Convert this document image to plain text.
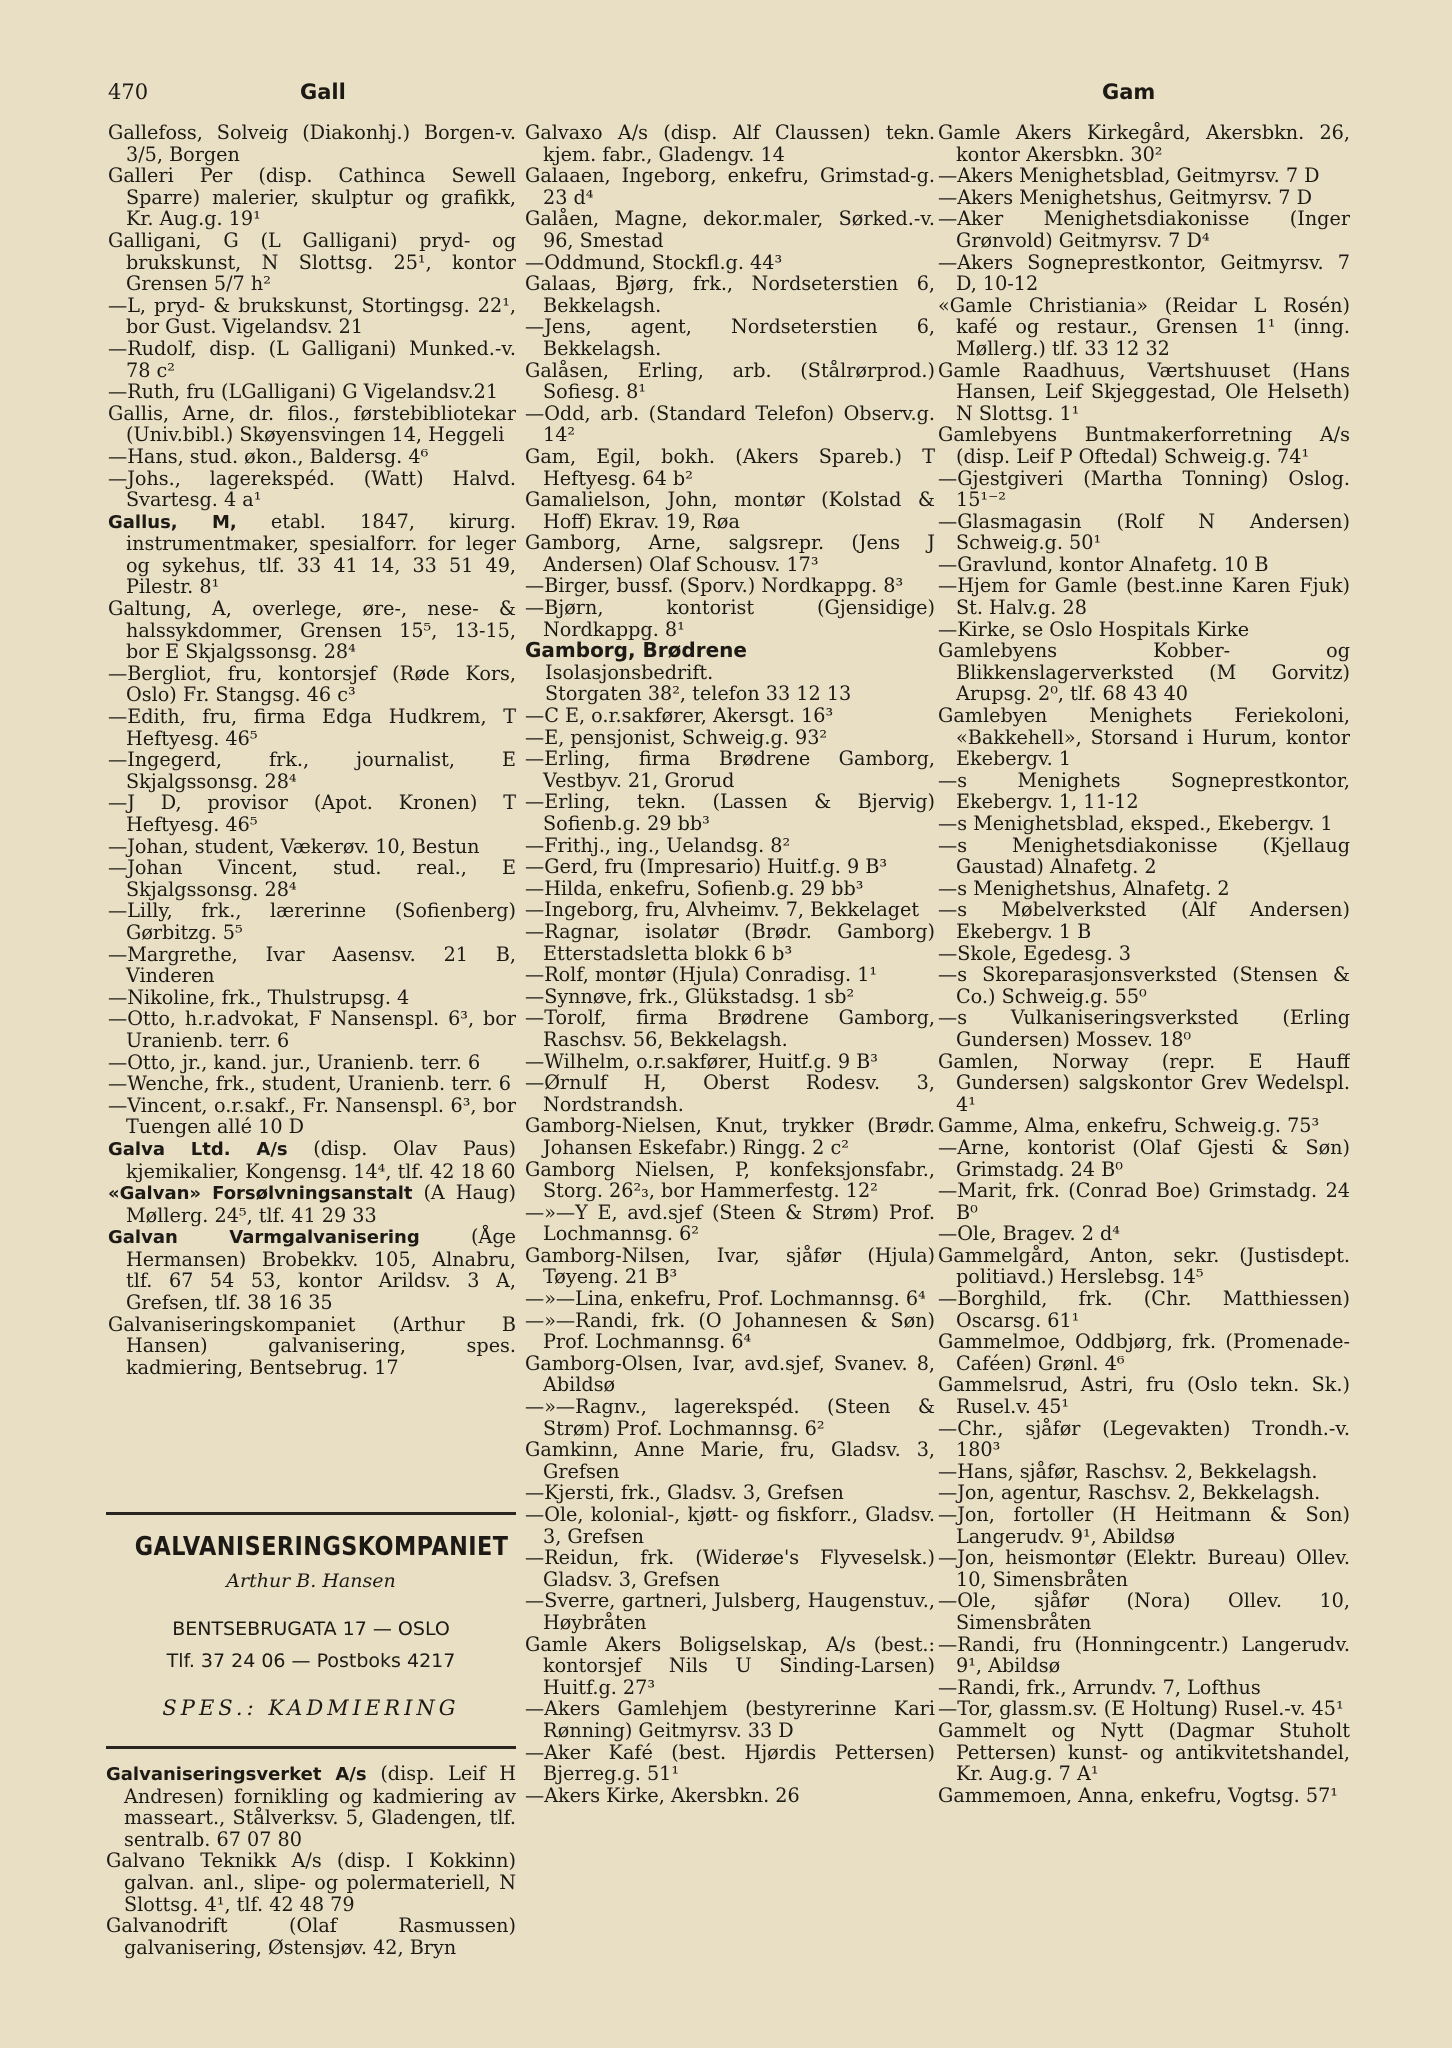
470	Gall	Gam

Gallefoss, Solveig (Diakonhj.) Borgen-v. 3/5, Borgen

Galleri Per (disp. Cathinca Sewell Sparre) malerier, skulptur og grafikk, Kr. Aug.g. 19¹

Galligani, G (L Galligani) pryd- og brukskunst, N Slottsg. 25¹, kontor Grensen 5/7 h²

—L, pryd- & brukskunst, Stortingsg. 22¹, bor Gust. Vigelandsv. 21

—Rudolf, disp. (L Galligani) Munked.-v. 78 c²

—Ruth, fru (LGalligani) G Vigelandsv.21

Gallis, Arne, dr. filos., førstebibliotekar (Univ.bibl.) Skøyensvingen 14, Heggeli

—Hans, stud. økon., Baldersg. 4⁶

—Johs., lagerekspéd. (Watt) Halvd. Svartesg. 4 a¹

Gallus, M, etabl. 1847, kirurg. instrumentmaker, spesialforr. for leger og sykehus, tlf. 33 41 14, 33 51 49, Pilestr. 8¹

Galtung, A, overlege, øre-, nese- & halssykdommer, Grensen 15⁵, 13-15, bor E Skjalgssonsg. 28⁴

—Bergliot, fru, kontorsjef (Røde Kors, Oslo) Fr. Stangsg. 46 c³

—Edith, fru, firma Edga Hudkrem, T Heftyesg. 46⁵

—Ingegerd, frk., journalist, E Skjalgssonsg. 28⁴

—J D, provisor (Apot. Kronen) T Heftyesg. 46⁵

—Johan, student, Vækerøv. 10, Bestun

—Johan Vincent, stud. real., E Skjalgssonsg. 28⁴

—Lilly, frk., lærerinne (Sofienberg) Gørbitzg. 5⁵

—Margrethe, Ivar Aasensv. 21 B, Vinderen

—Nikoline, frk., Thulstrupsg. 4

—Otto, h.r.advokat, F Nansenspl. 6³, bor Uranienb. terr. 6

—Otto, jr., kand. jur., Uranienb. terr. 6

—Wenche, frk., student, Uranienb. terr. 6

—Vincent, o.r.sakf., Fr. Nansenspl. 6³, bor Tuengen allé 10 D

Galva Ltd. A/s (disp. Olav Paus) kjemikalier, Kongensg. 14⁴, tlf. 42 18 60

«Galvan» Forsølvningsanstalt (A Haug) Møllerg. 24⁵, tlf. 41 29 33

Galvan Varmgalvanisering (Åge Hermansen) Brobekkv. 105, Alnabru, tlf. 67 54 53, kontor Arildsv. 3 A, Grefsen, tlf. 38 16 35

Galvaniseringskompaniet (Arthur B Hansen) galvanisering, spes. kadmiering, Bentsebrug. 17

Galvaxo A/s (disp. Alf Claussen) tekn. kjem. fabr., Gladengv. 14

Galaaen, Ingeborg, enkefru, Grimstad-g. 23 d⁴

Galåen, Magne, dekor.maler, Sørked.-v. 96, Smestad

—Oddmund, Stockfl.g. 44³

Galaas, Bjørg, frk., Nordseterstien 6, Bekkelagsh.

—Jens, agent, Nordseterstien 6, Bekkelagsh.

Galåsen, Erling, arb. (Stålrørprod.) Sofiesg. 8¹

—Odd, arb. (Standard Telefon) Observ.g. 14²

Gam, Egil, bokh. (Akers Spareb.) T Heftyesg. 64 b²

Gamalielson, John, montør (Kolstad & Hoff) Ekrav. 19, Røa

Gamborg, Arne, salgsrepr. (Jens J Andersen) Olaf Schousv. 17³

—Birger, bussf. (Sporv.) Nordkappg. 8³

—Bjørn, kontorist (Gjensidige) Nordkappg. 8¹

Gamborg, Brødrene

Isolasjonsbedrift.

Storgaten 38², telefon 33 12 13

—C E, o.r.sakfører, Akersgt. 16³

—E, pensjonist, Schweig.g. 93²

—Erling, firma Brødrene Gamborg, Vestbyv. 21, Grorud

—Erling, tekn. (Lassen & Bjervig) Sofienb.g. 29 bb³

—Frithj., ing., Uelandsg. 8²

—Gerd, fru (Impresario) Huitf.g. 9 B³

—Hilda, enkefru, Sofienb.g. 29 bb³

—Ingeborg, fru, Alvheimv. 7, Bekkelaget

—Ragnar, isolatør (Brødr. Gamborg) Etterstadsletta blokk 6 b³

—Rolf, montør (Hjula) Conradisg. 1¹

—Synnøve, frk., Glükstadsg. 1 sb²

—Torolf, firma Brødrene Gamborg, Raschsv. 56, Bekkelagsh.

—Wilhelm, o.r.sakfører, Huitf.g. 9 B³

—Ørnulf H, Oberst Rodesv. 3, Nordstrandsh.

Gamborg-Nielsen, Knut, trykker (Brødr. Johansen Eskefabr.) Ringg. 2 c²

Gamborg Nielsen, P, konfeksjonsfabr., Storg. 26²₃, bor Hammerfestg. 12²

—»—Y E, avd.sjef (Steen & Strøm) Prof. Lochmannsg. 6²

Gamborg-Nilsen, Ivar, sjåfør (Hjula) Tøyeng. 21 B³

—»—Lina, enkefru, Prof. Lochmannsg. 6⁴

—»—Randi, frk. (O Johannesen & Søn) Prof. Lochmannsg. 6⁴

Gamborg-Olsen, Ivar, avd.sjef, Svanev. 8, Abildsø

—»—Ragnv., lagerekspéd. (Steen & Strøm) Prof. Lochmannsg. 6²

Gamkinn, Anne Marie, fru, Gladsv. 3, Grefsen

—Kjersti, frk., Gladsv. 3, Grefsen

—Ole, kolonial-, kjøtt- og fiskforr., Gladsv. 3, Grefsen

—Reidun, frk. (Widerøe's Flyveselsk.) Gladsv. 3, Grefsen

—Sverre, gartneri, Julsberg, Haugenstuv., Høybråten

Gamle Akers Boligselskap, A/s (best.: kontorsjef Nils U Sinding-Larsen) Huitf.g. 27³

—Akers Gamlehjem (bestyrerinne Kari Rønning) Geitmyrsv. 33 D

—Aker Kafé (best. Hjørdis Pettersen) Bjerreg.g. 51¹

—Akers Kirke, Akersbkn. 26

Gamle Akers Kirkegård, Akersbkn. 26, kontor Akersbkn. 30²

—Akers Menighetsblad, Geitmyrsv. 7 D

—Akers Menighetshus, Geitmyrsv. 7 D

—Aker Menighetsdiakonisse (Inger Grønvold) Geitmyrsv. 7 D⁴

—Akers Sogneprestkontor, Geitmyrsv. 7 D, 10-12

«Gamle Christiania» (Reidar L Rosén) kafé og restaur., Grensen 1¹ (inng. Møllerg.) tlf. 33 12 32

Gamle Raadhuus, Værtshuuset (Hans Hansen, Leif Skjeggestad, Ole Helseth) N Slottsg. 1¹

Gamlebyens Buntmakerforretning A/s (disp. Leif P Oftedal) Schweig.g. 74¹

—Gjestgiveri (Martha Tonning) Oslog. 15¹⁻²

—Glasmagasin (Rolf N Andersen) Schweig.g. 50¹

—Gravlund, kontor Alnafetg. 10 B

—Hjem for Gamle (best.inne Karen Fjuk) St. Halv.g. 28

—Kirke, se Oslo Hospitals Kirke

Gamlebyens Kobber- og Blikkenslagerverksted (M Gorvitz) Arupsg. 2⁰, tlf. 68 43 40

Gamlebyen Menighets Feriekoloni, «Bakkehell», Storsand i Hurum, kontor Ekebergv. 1

—s Menighets Sogneprestkontor, Ekebergv. 1, 11-12

—s Menighetsblad, eksped., Ekebergv. 1

—s Menighetsdiakonisse (Kjellaug Gaustad) Alnafetg. 2

—s Menighetshus, Alnafetg. 2

—s Møbelverksted (Alf Andersen) Ekebergv. 1 B

—Skole, Egedesg. 3

—s Skoreparasjonsverksted (Stensen & Co.) Schweig.g. 55⁰

—s Vulkaniseringsverksted (Erling Gundersen) Mossev. 18⁰

Gamlen, Norway (repr. E Hauff Gundersen) salgskontor Grev Wedelspl. 4¹

Gamme, Alma, enkefru, Schweig.g. 75³

—Arne, kontorist (Olaf Gjesti & Søn) Grimstadg. 24 B⁰

—Marit, frk. (Conrad Boe) Grimstadg. 24 B⁰

—Ole, Bragev. 2 d⁴

Gammelgård, Anton, sekr. (Justisdept. politiavd.) Herslebsg. 14⁵

—Borghild, frk. (Chr. Matthiessen) Oscarsg. 61¹

Gammelmoe, Oddbjørg, frk. (Promenade-Caféen) Grønl. 4⁶

Gammelsrud, Astri, fru (Oslo tekn. Sk.) Rusel.v. 45¹

—Chr., sjåfør (Legevakten) Trondh.-v. 180³

—Hans, sjåfør, Raschsv. 2, Bekkelagsh.

—Jon, agentur, Raschsv. 2, Bekkelagsh.

—Jon, fortoller (H Heitmann & Son) Langerudv. 9¹, Abildsø

—Jon, heismontør (Elektr. Bureau) Ollev. 10, Simensbråten

—Ole, sjåfør (Nora) Ollev. 10, Simensbråten

—Randi, fru (Honningcentr.) Langerudv. 9¹, Abildsø

—Randi, frk., Arrundv. 7, Lofthus

—Tor, glassm.sv. (E Holtung) Rusel.-v. 45¹

Gammelt og Nytt (Dagmar Stuholt Pettersen) kunst- og antikvitetshandel, Kr. Aug.g. 7 A¹

Gammemoen, Anna, enkefru, Vogtsg. 57¹

GALVANISERINGSKOMPANIET
Arthur B. Hansen
BENTSEBRUGATA 17 — OSLO
Tlf. 37 24 06 — Postboks 4217
SPES.: KADMIERING

Galvaniseringsverket A/s (disp. Leif H Andresen) fornikling og kadmiering av masseart., Stålverksv. 5, Gladengen, tlf. sentralb. 67 07 80

Galvano Teknikk A/s (disp. I Kokkinn) galvan. anl., slipe- og polermateriell, N Slottsg. 4¹, tlf. 42 48 79

Galvanodrift (Olaf Rasmussen) galvanisering, Østensjøv. 42, Bryn
